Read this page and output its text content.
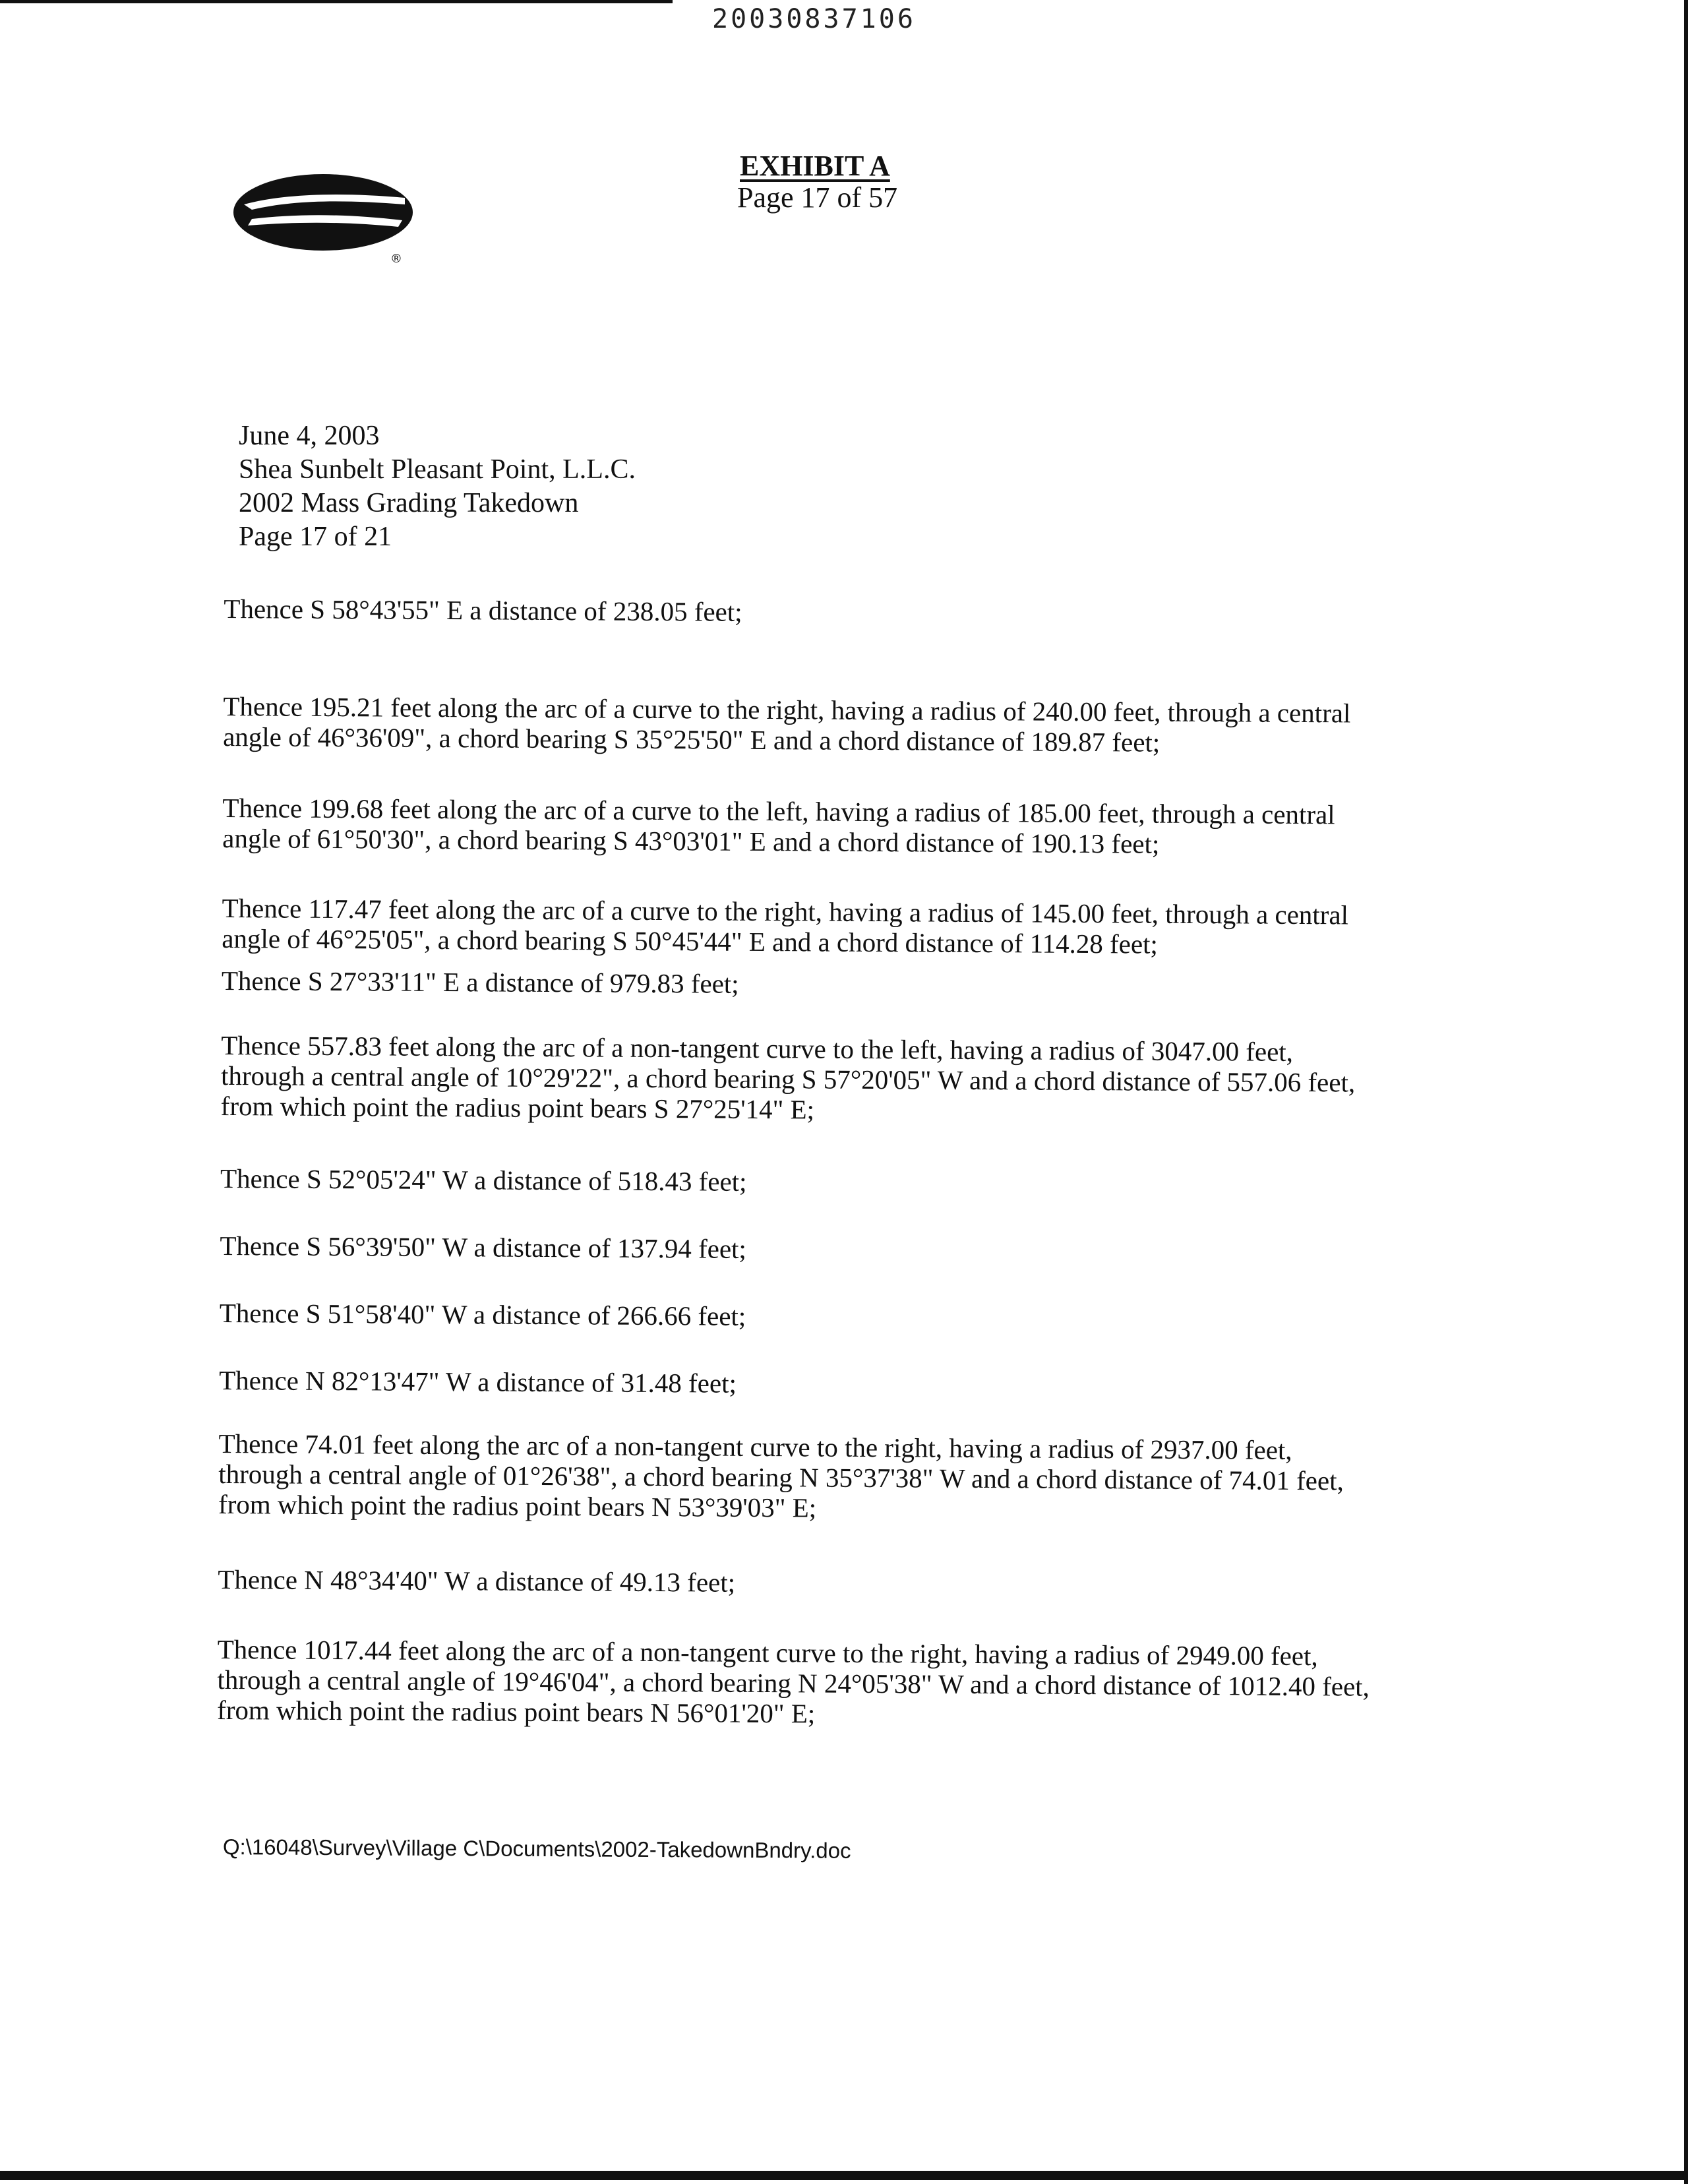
20030837106
®
EXHIBIT A
Page 17 of 57
June 4, 2003
Shea Sunbelt Pleasant Point, L.L.C.
2002 Mass Grading Takedown
Page 17 of 21
Thence S 58°43'55" E a distance of 238.05 feet;
Thence 195.21 feet along the arc of a curve to the right, having a radius of 240.00 feet, through a central angle of 46°36'09", a chord bearing S 35°25'50" E and a chord distance of 189.87 feet;
Thence 199.68 feet along the arc of a curve to the left, having a radius of 185.00 feet, through a central angle of 61°50'30", a chord bearing S 43°03'01" E and a chord distance of 190.13 feet;
Thence 117.47 feet along the arc of a curve to the right, having a radius of 145.00 feet, through a central angle of 46°25'05", a chord bearing S 50°45'44" E and a chord distance of 114.28 feet;
Thence S 27°33'11" E a distance of 979.83 feet;
Thence 557.83 feet along the arc of a non-tangent curve to the left, having a radius of 3047.00 feet, through a central angle of 10°29'22", a chord bearing S 57°20'05" W and a chord distance of 557.06 feet, from which point the radius point bears S 27°25'14" E;
Thence S 52°05'24" W a distance of 518.43 feet;
Thence S 56°39'50" W a distance of 137.94 feet;
Thence S 51°58'40" W a distance of 266.66 feet;
Thence N 82°13'47" W a distance of 31.48 feet;
Thence 74.01 feet along the arc of a non-tangent curve to the right, having a radius of 2937.00 feet, through a central angle of 01°26'38", a chord bearing N 35°37'38" W and a chord distance of 74.01 feet, from which point the radius point bears N 53°39'03" E;
Thence N 48°34'40" W a distance of 49.13 feet;
Thence 1017.44 feet along the arc of a non-tangent curve to the right, having a radius of 2949.00 feet, through a central angle of 19°46'04", a chord bearing N 24°05'38" W and a chord distance of 1012.40 feet, from which point the radius point bears N 56°01'20" E;
Q:\16048\Survey\Village C\Documents\2002-TakedownBndry.doc
